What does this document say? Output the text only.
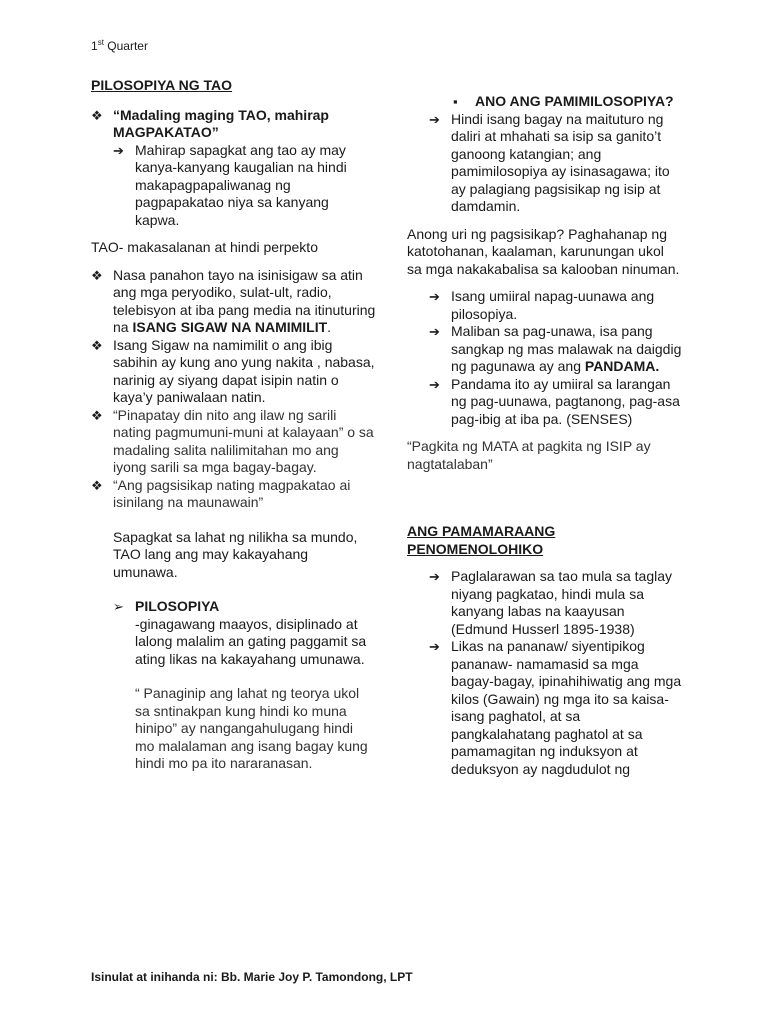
1st Quarter

PILOSOPIYA NG TAO

❖ “Madaling maging TAO, mahirap MAGPAKATAO”

➔ Mahirap sapagkat ang tao ay may kanya-kanyang kaugalian na hindi makapagpapaliwanag ng pagpapakatao niya sa kanyang kapwa.

TAO- makasalanan at hindi perpekto

❖ Nasa panahon tayo na isinisigaw sa atin ang mga peryodiko, sulat-ult, radio, telebisyon at iba pang media na itinuturing na ISANG SIGAW NA NAMIMILIT.

❖ Isang Sigaw na namimilit o ang ibig sabihin ay kung ano yung nakita , nabasa, narinig ay siyang dapat isipin natin o kaya’y paniwalaan natin.

❖ “Pinapatay din nito ang ilaw ng sarili nating pagmumuni-muni at kalayaan” o sa madaling salita nalilimitahan mo ang iyong sarili sa mga bagay-bagay.

❖ “Ang pagsisikap nating magpakatao ai isinilang na maunawain”

Sapagkat sa lahat ng nilikha sa mundo, TAO lang ang may kakayahang umunawa.

➢ PILOSOPIYA

-ginagawang maayos, disiplinado at lalong malalim an gating paggamit sa ating likas na kakayahang umunawa.

“ Panaginip ang lahat ng teorya ukol sa sntinakpan kung hindi ko muna hinipo” ay nangangahulugang hindi mo malalaman ang isang bagay kung hindi mo pa ito nararanasan.

▪ ANO ANG PAMIMILOSOPIYA?

➔ Hindi isang bagay na maituturo ng daliri at mhahati sa isip sa ganito’t ganoong katangian; ang pamimilosopiya ay isinasagawa; ito ay palagiang pagsisikap ng isip at damdamin.

Anong uri ng pagsisikap? Paghahanap ng katotohanan, kaalaman, karunungan ukol sa mga nakakabalisa sa kalooban ninuman.

➔ Isang umiiral napag-uunawa ang pilosopiya.

➔ Maliban sa pag-unawa, isa pang sangkap ng mas malawak na daigdig ng pagunawa ay ang PANDAMA.

➔ Pandama ito ay umiiral sa larangan ng pag-uunawa, pagtanong, pag-asa pag-ibig at iba pa. (SENSES)

“Pagkita ng MATA at pagkita ng ISIP ay nagtatalaban”

ANG PAMAMARAANG PENOMENOLOHIKO

➔ Paglalarawan sa tao mula sa taglay niyang pagkatao, hindi mula sa kanyang labas na kaayusan (Edmund Husserl 1895-1938)

➔ Likas na pananaw/ siyentipikog pananaw- namamasid sa mga bagay-bagay, ipinahihiwatig ang mga kilos (Gawain) ng mga ito sa kaisa-isang paghatol, at sa pangkalahatang paghatol at sa pamamagitan ng induksyon at deduksyon ay nagdudulot ng

Isinulat at inihanda ni: Bb. Marie Joy P. Tamondong, LPT
